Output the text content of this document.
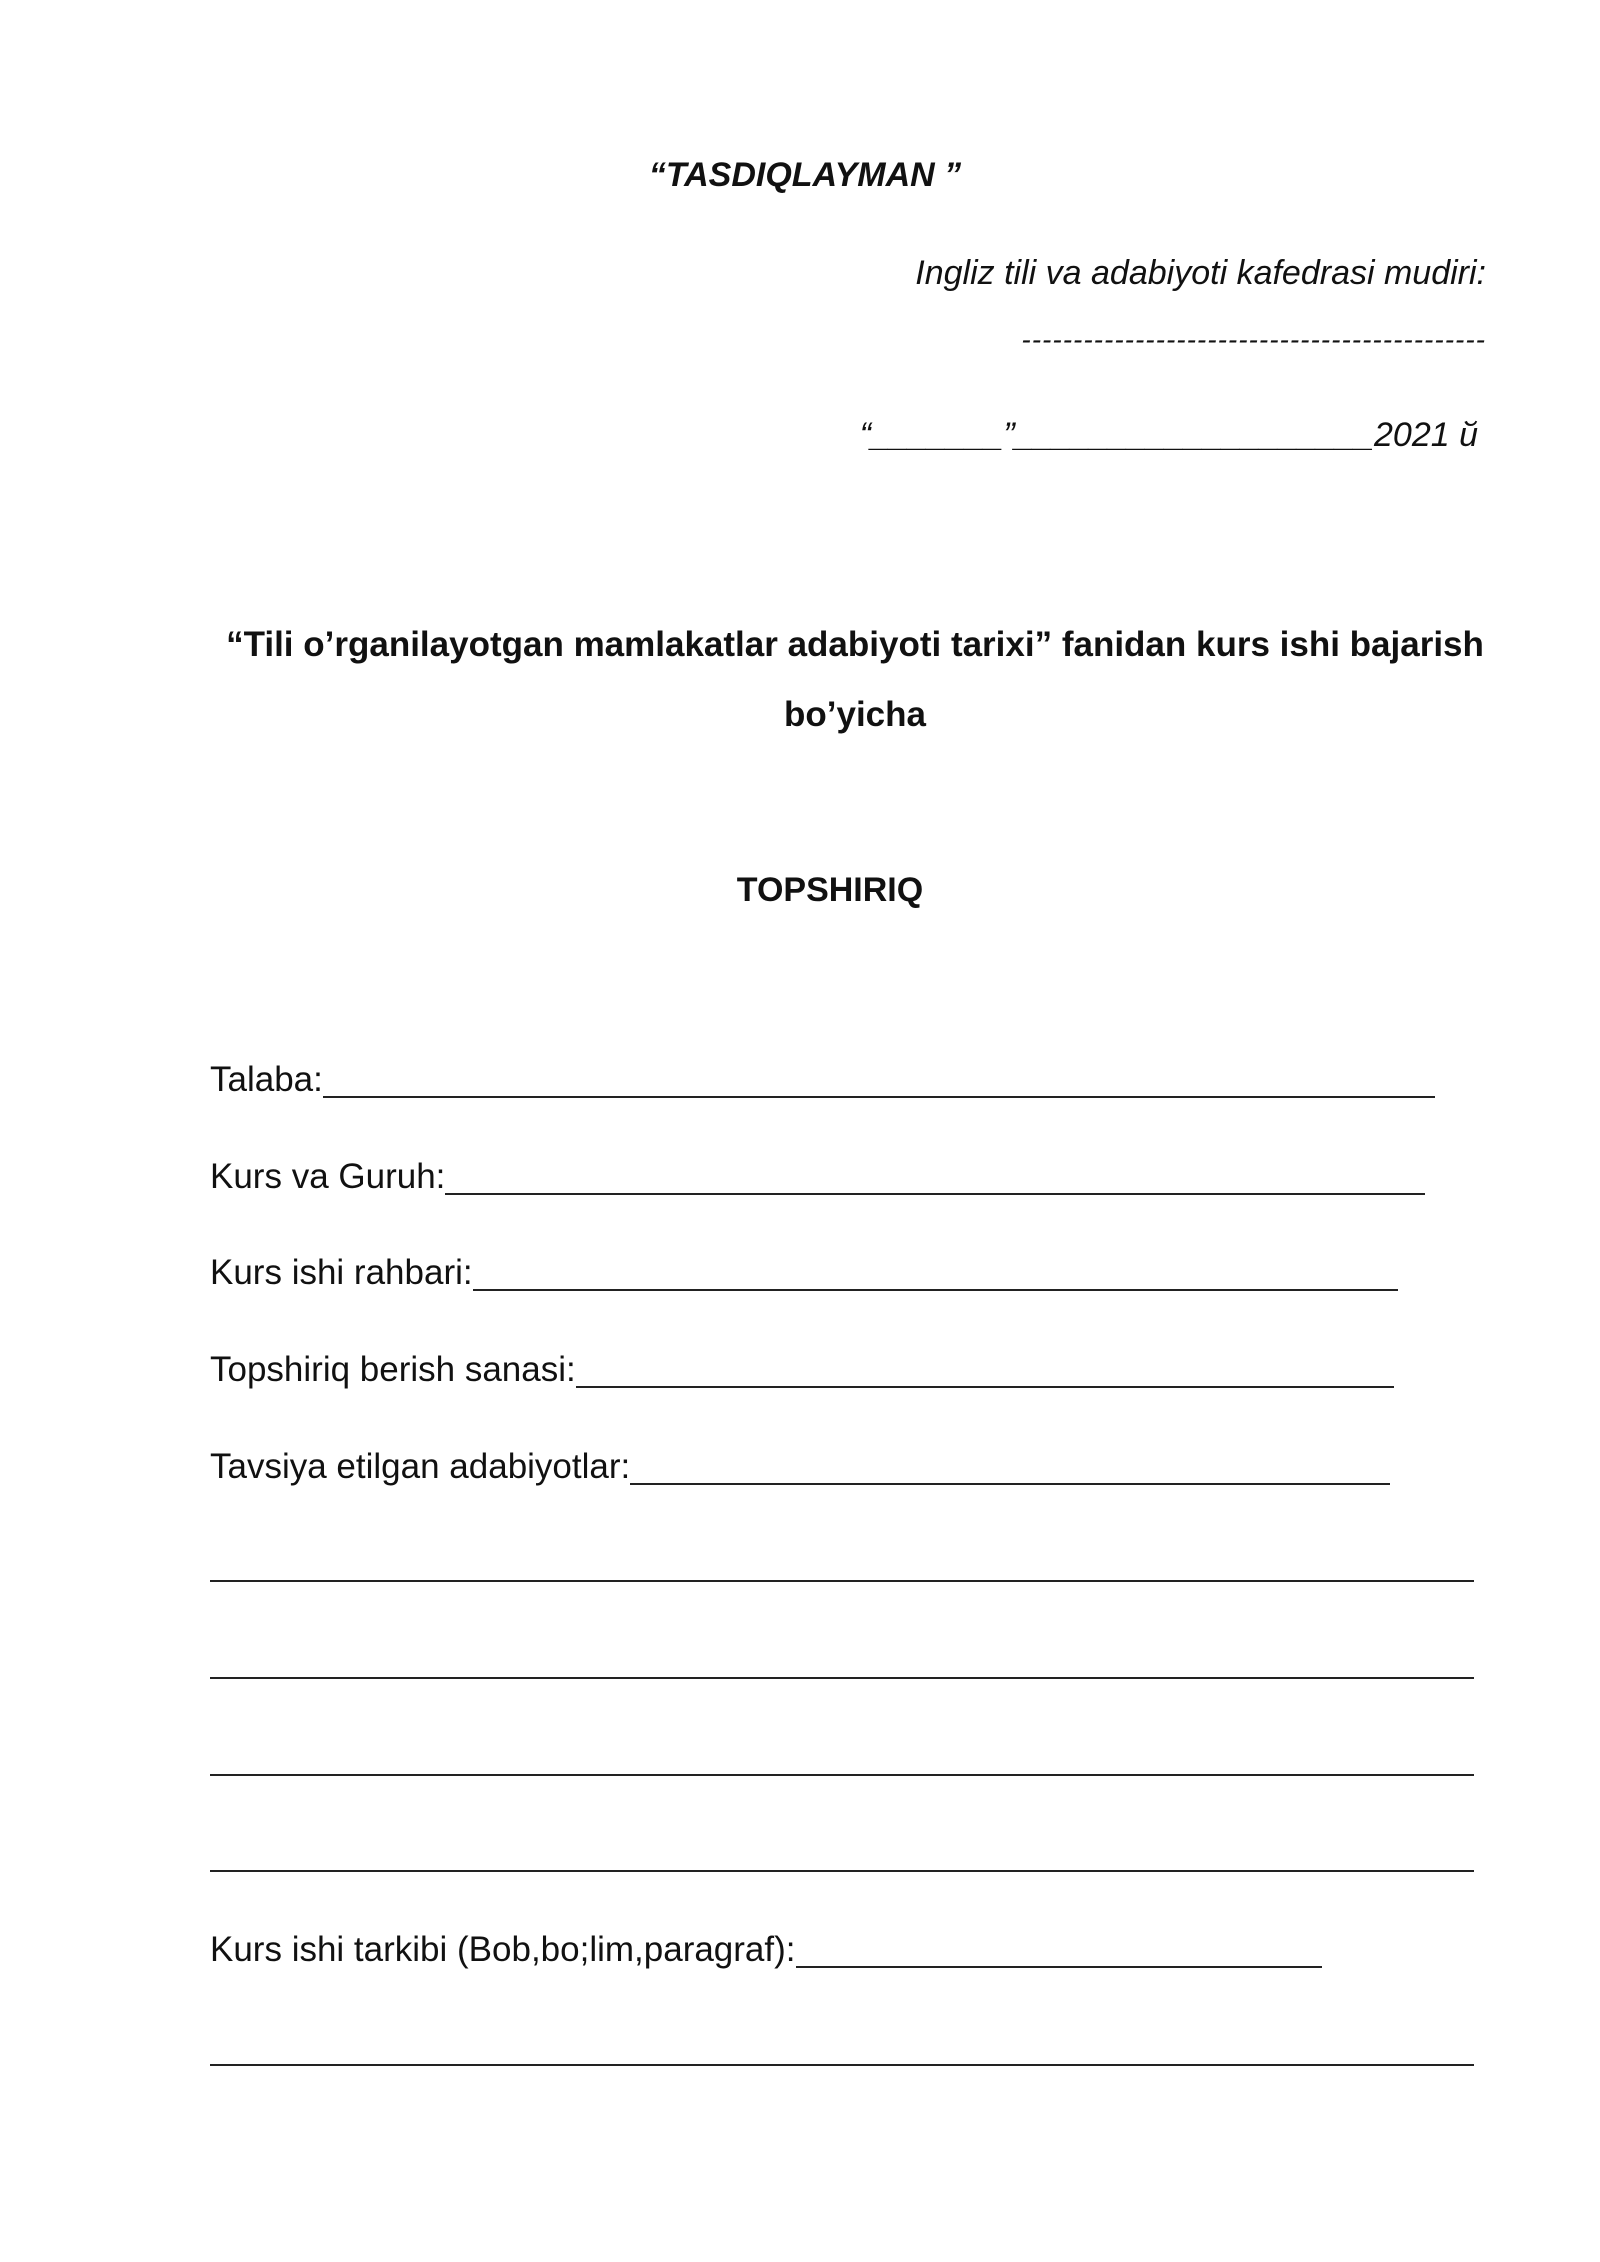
“TASDIQLAYMAN ”
Ingliz tili va adabiyoti kafedrasi mudiri:
---------------------------------------------
“_______”___________________2021 й
“Tili o’rganilayotgan mamlakatlar adabiyoti tarixi” fanidan kurs ishi bajarish
bo’yicha
TOPSHIRIQ
Talaba:
Kurs va Guruh:
Kurs ishi rahbari:
Topshiriq berish sanasi:
Tavsiya etilgan adabiyotlar:
Kurs ishi tarkibi (Bob,bo;lim,paragraf):
